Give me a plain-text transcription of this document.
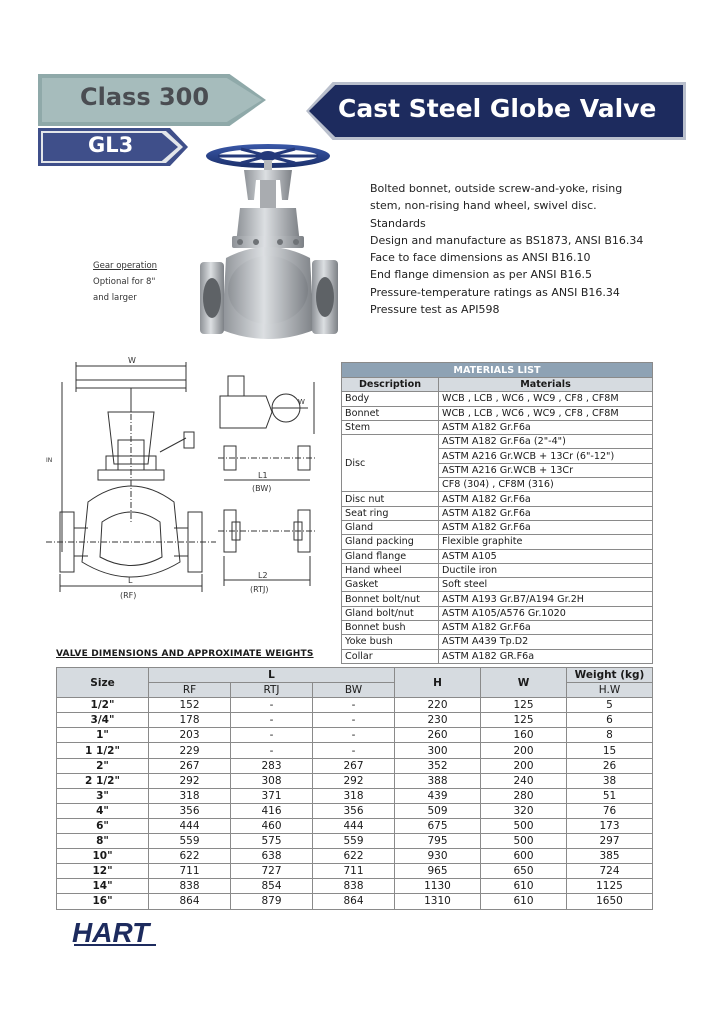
Class 300
GL3
Cast Steel Globe Valve
Gear operation
Optional for 8"
and larger
Bolted bonnet, outside screw-and-yoke, rising
stem, non-rising hand wheel, swivel disc.
Standards
Design and manufacture as BS1873, ANSI B16.34
Face to face dimensions as ANSI B16.10
End flange dimension as per ANSI B16.5
Pressure-temperature ratings as ANSI B16.34
Pressure test as API598
W
IN
L
(RF)
W
L1
(BW)
L2
(RTJ)
MATERIALS LIST	
Description	Materials
Body	WCB , LCB , WC6 , WC9 , CF8 , CF8M
Bonnet	WCB , LCB , WC6 , WC9 , CF8 , CF8M
Stem	ASTM A182 Gr.F6a
Disc	ASTM A182 Gr.F6a (2"-4")
	ASTM A216 Gr.WCB + 13Cr (6"-12")
	ASTM A216 Gr.WCB + 13Cr
	CF8 (304) , CF8M (316)
Disc nut	ASTM A182 Gr.F6a
Seat ring	ASTM A182 Gr.F6a
Gland	ASTM A182 Gr.F6a
Gland packing	Flexible graphite
Gland flange	ASTM A105
Hand wheel	Ductile iron
Gasket	Soft steel
Bonnet bolt/nut	ASTM A193 Gr.B7/A194 Gr.2H
Gland bolt/nut	ASTM A105/A576 Gr.1020
Bonnet bush	ASTM A182 Gr.F6a
Yoke bush	ASTM A439 Tp.D2
Collar	ASTM A182 GR.F6a
VALVE DIMENSIONS AND APPROXIMATE WEIGHTS
Size	L			H	W	Weight (kg)
	RF	RTJ	BW			H.W
1/2"	152	-	-	220	125	5
3/4"	178	-	-	230	125	6
1"	203	-	-	260	160	8
1 1/2"	229	-	-	300	200	15
2"	267	283	267	352	200	26
2 1/2"	292	308	292	388	240	38
3"	318	371	318	439	280	51
4"	356	416	356	509	320	76
6"	444	460	444	675	500	173
8"	559	575	559	795	500	297
10"	622	638	622	930	600	385
12"	711	727	711	965	650	724
14"	838	854	838	1130	610	1125
16"	864	879	864	1310	610	1650
HART
